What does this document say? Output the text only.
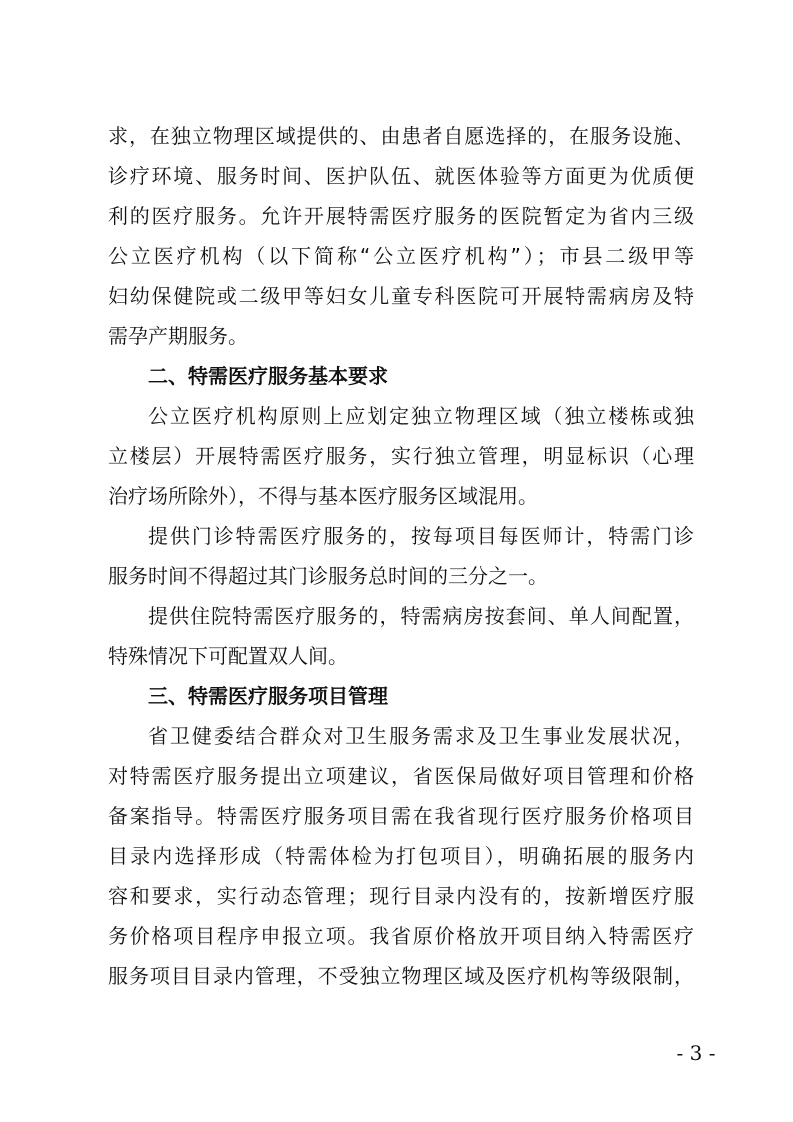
求，在独立物理区域提供的、由患者自愿选择的，在服务设施、
诊疗环境、服务时间、医护队伍、就医体验等方面更为优质便
利的医疗服务。允许开展特需医疗服务的医院暂定为省内三级
公立医疗机构（以下简称“公立医疗机构”）；市县二级甲等
妇幼保健院或二级甲等妇女儿童专科医院可开展特需病房及特
需孕产期服务。
二、特需医疗服务基本要求
公立医疗机构原则上应划定独立物理区域（独立楼栋或独
立楼层）开展特需医疗服务，实行独立管理，明显标识（心理
治疗场所除外），不得与基本医疗服务区域混用。
提供门诊特需医疗服务的，按每项目每医师计，特需门诊
服务时间不得超过其门诊服务总时间的三分之一。
提供住院特需医疗服务的，特需病房按套间、单人间配置，
特殊情况下可配置双人间。
三、特需医疗服务项目管理
省卫健委结合群众对卫生服务需求及卫生事业发展状况，
对特需医疗服务提出立项建议，省医保局做好项目管理和价格
备案指导。特需医疗服务项目需在我省现行医疗服务价格项目
目录内选择形成（特需体检为打包项目），明确拓展的服务内
容和要求，实行动态管理；现行目录内没有的，按新增医疗服
务价格项目程序申报立项。我省原价格放开项目纳入特需医疗
服务项目目录内管理，不受独立物理区域及医疗机构等级限制，
- 3 -
